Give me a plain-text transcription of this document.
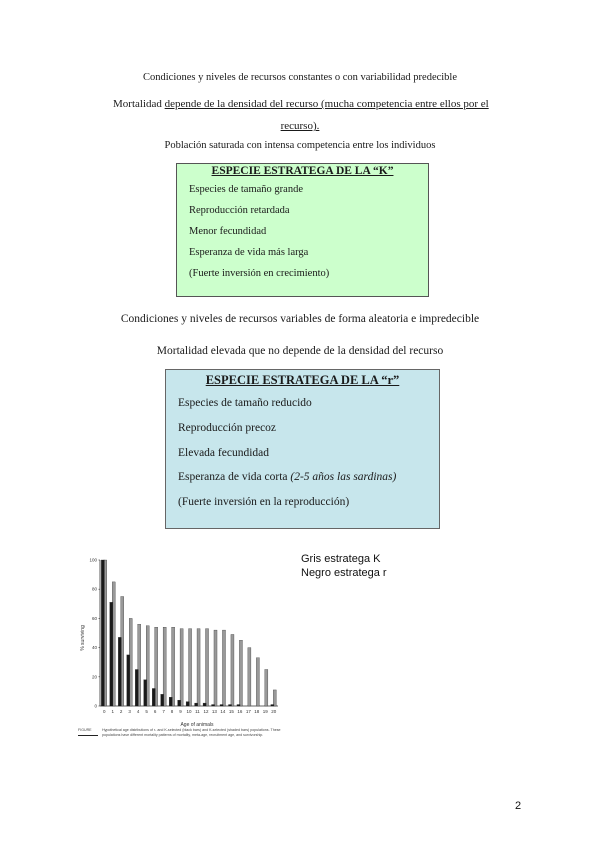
Condiciones y niveles de recursos constantes o con variabilidad predecible
Mortalidad depende de la densidad del recurso (mucha competencia entre ellos por el
recurso).
Población saturada con intensa competencia entre los individuos
ESPECIE ESTRATEGA DE LA “K”
Especies de tamaño grande
Reproducción retardada
Menor fecundidad
Esperanza de vida más larga
(Fuerte inversión en crecimiento)
Condiciones y niveles de recursos variables de forma aleatoria e impredecible
Mortalidad elevada que no depende de la densidad del recurso
ESPECIE ESTRATEGA DE LA “r”
Especies de tamaño reducido
Reproducción precoz
Elevada fecundidad
Esperanza de vida corta (2-5 años las sardinas)
(Fuerte inversión en la reproducción)
100
80
60
40
20
0
0 1 2 3 4 5 6 7 8 9 10 11 12 13 14 15 16 17 18 19 20
% surviving
Age of animals
FIGURE	Hypothetical age distributions of r- and K-selected (black bars) and K-selected (shaded bars) populations. These populations have different mortality patterns of mortality, meta-age, recruitment age, and survivorship.
Gris estratega K
Negro estratega r
2
